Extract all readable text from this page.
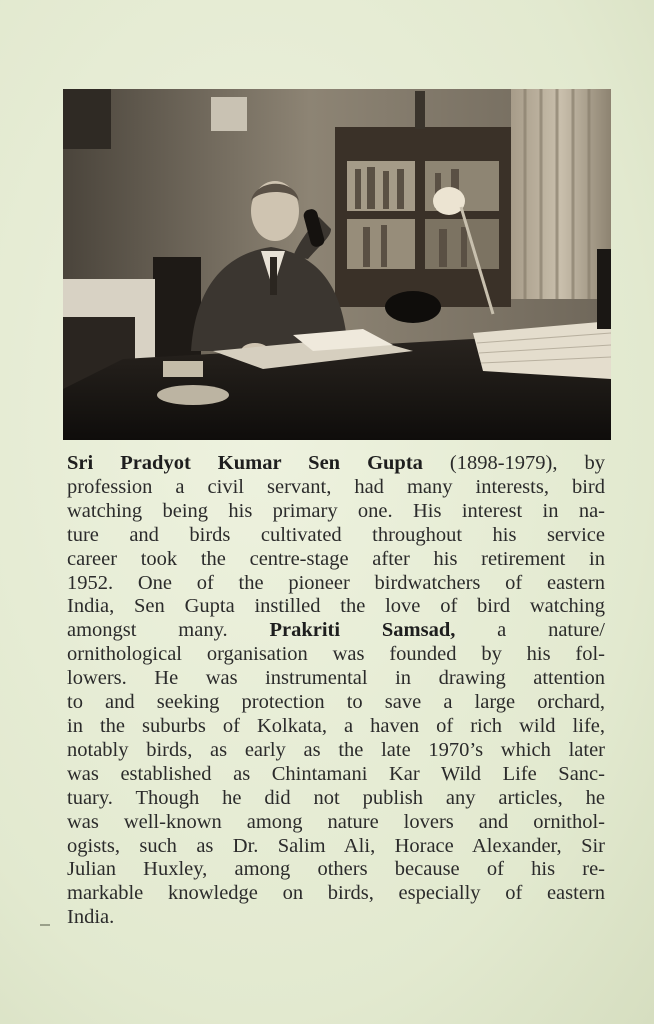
Sri Pradyot Kumar Sen Gupta (1898-1979), by
profession a civil servant, had many interests, bird
watching being his primary one. His interest in na-
ture and birds cultivated throughout his service
career took the centre-stage after his retirement in
1952. One of the pioneer birdwatchers of eastern
India, Sen Gupta instilled the love of bird watching
amongst many. Prakriti Samsad, a nature/
ornithological organisation was founded by his fol-
lowers. He was instrumental in drawing attention
to and seeking protection to save a large orchard,
in the suburbs of Kolkata, a haven of rich wild life,
notably birds, as early as the late 1970’s which later
was established as Chintamani Kar Wild Life Sanc-
tuary. Though he did not publish any articles, he
was well-known among nature lovers and ornithol-
ogists, such as Dr. Salim Ali, Horace Alexander, Sir
Julian Huxley, among others because of his re-
markable knowledge on birds, especially of eastern
India.
